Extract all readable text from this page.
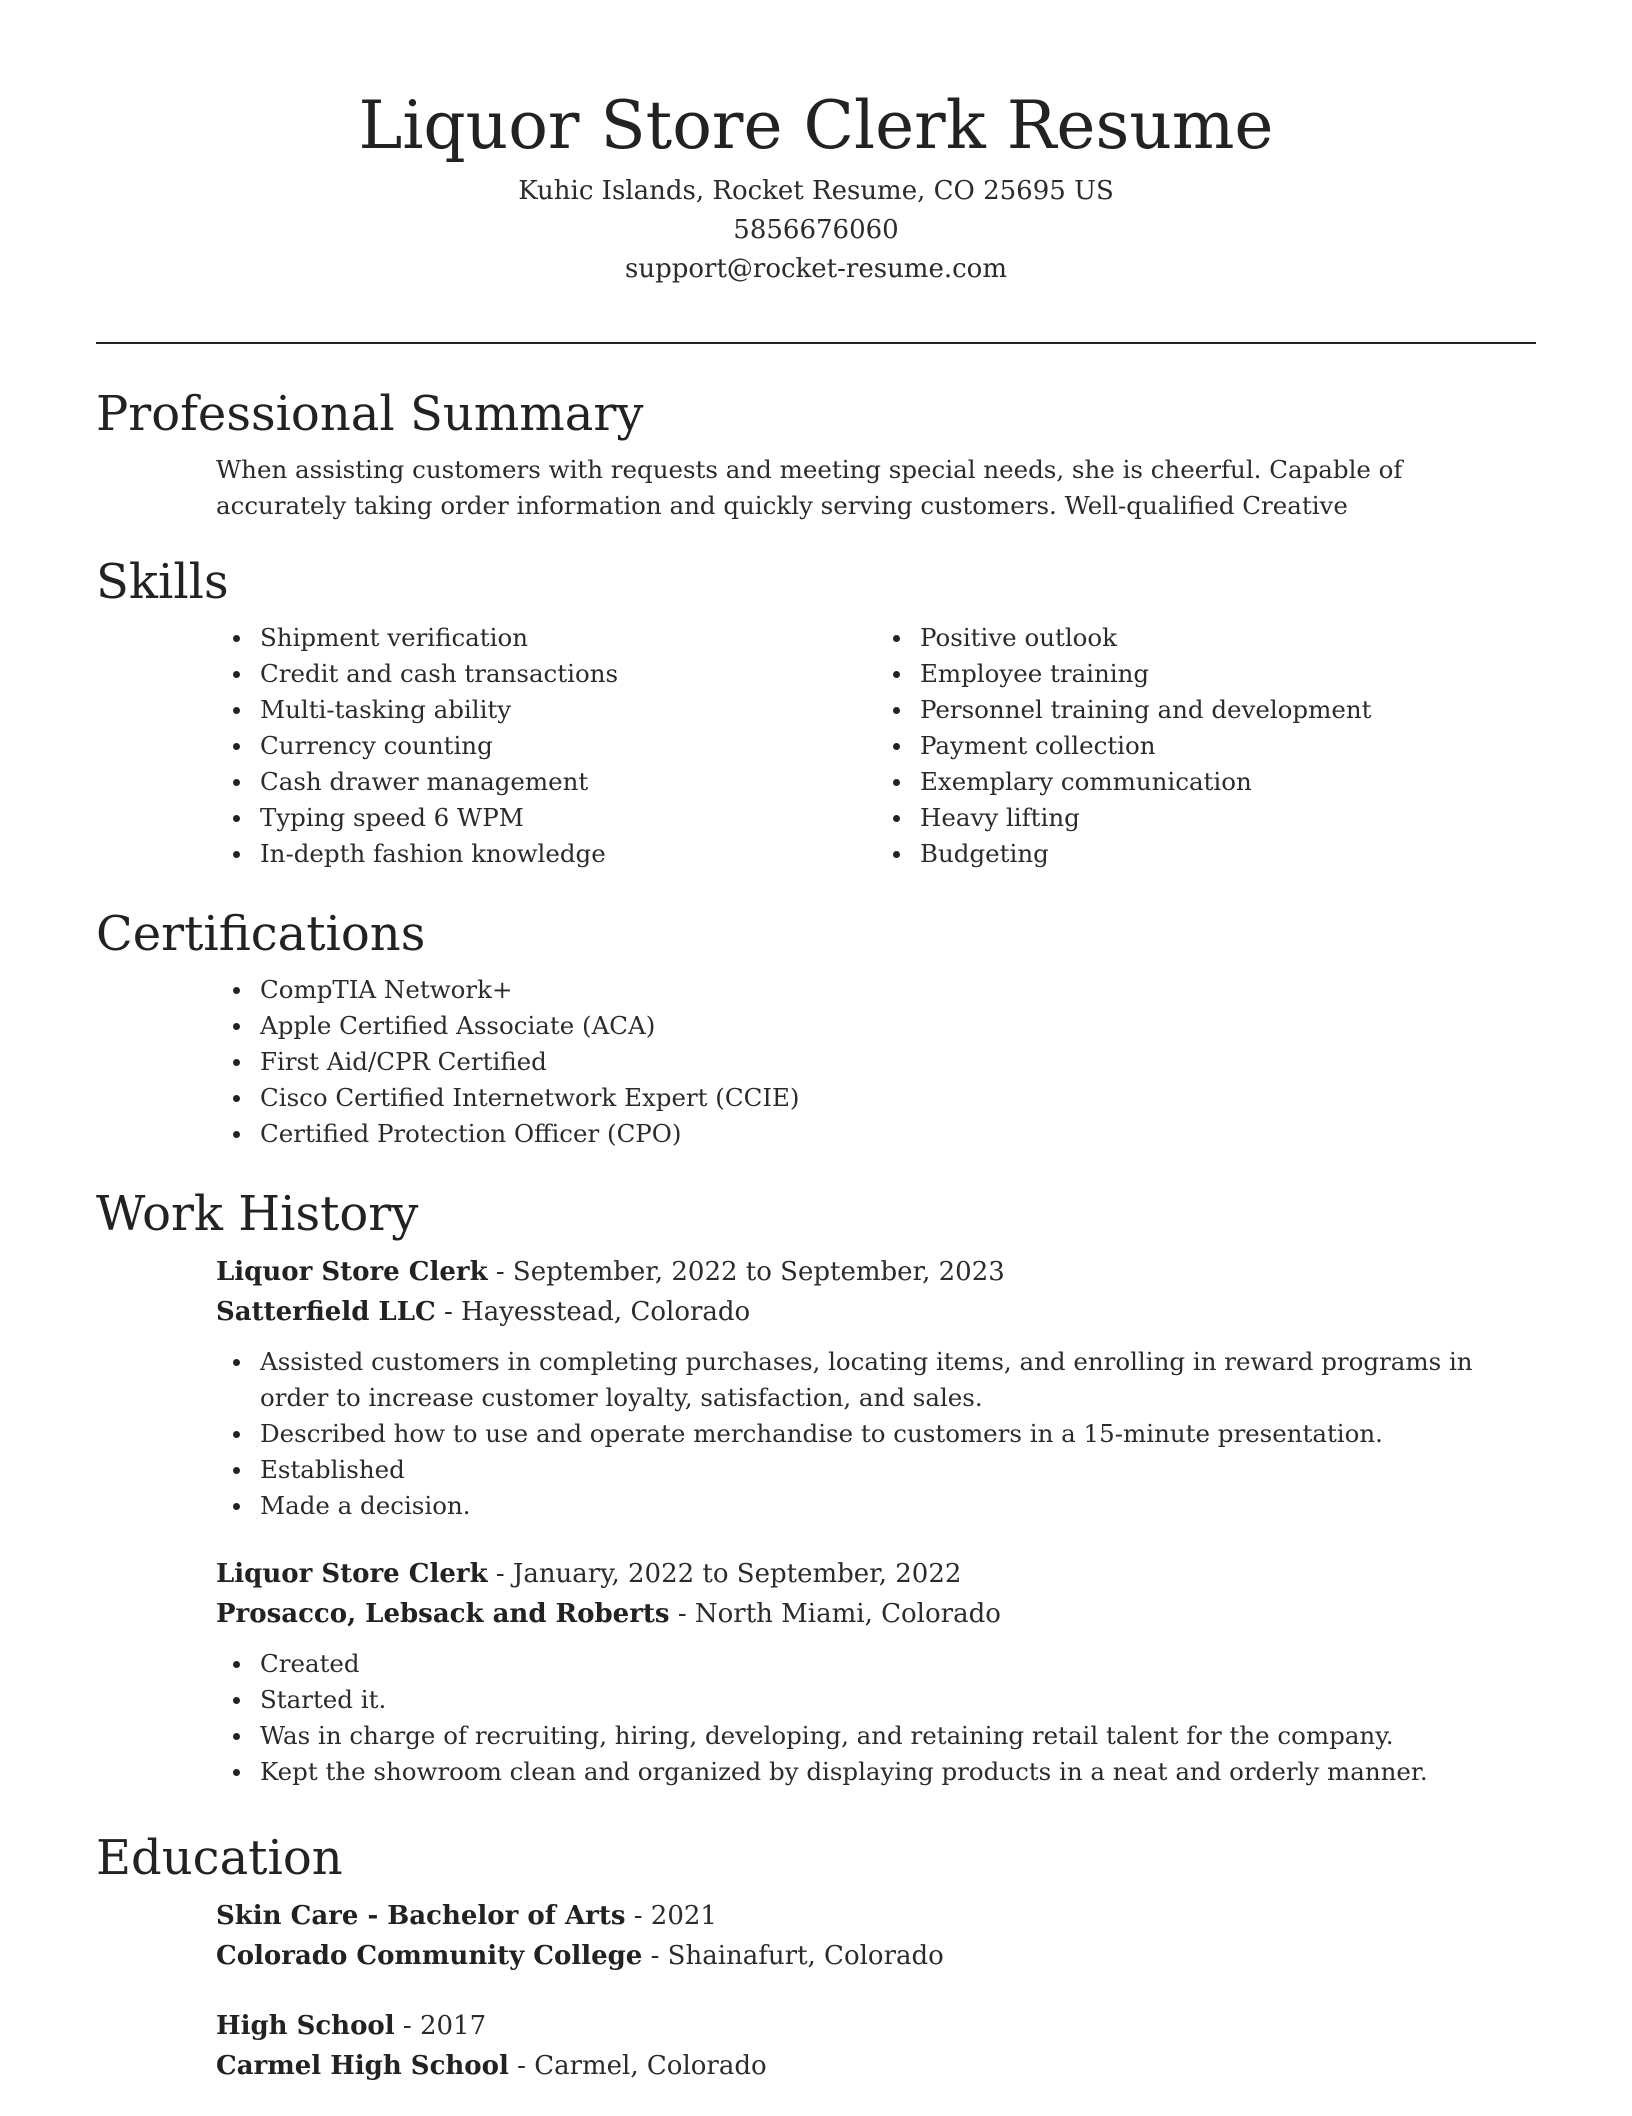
Liquor Store Clerk Resume
Kuhic Islands, Rocket Resume, CO 25695 US
5856676060
support@rocket-resume.com
Professional Summary

When assisting customers with requests and meeting special needs, she is cheerful. Capable of accurately taking order information and quickly serving customers. Well-qualified Creative

Skills
Shipment verification
Credit and cash transactions
Multi-tasking ability
Currency counting
Cash drawer management
Typing speed 6 WPM
In-depth fashion knowledge
Positive outlook
Employee training
Personnel training and development
Payment collection
Exemplary communication
Heavy lifting
Budgeting
Certifications
CompTIA Network+
Apple Certified Associate (ACA)
First Aid/CPR Certified
Cisco Certified Internetwork Expert (CCIE)
Certified Protection Officer (CPO)
Work History
Liquor Store Clerk - September, 2022 to September, 2023
Satterfield LLC - Hayesstead, Colorado
Assisted customers in completing purchases, locating items, and enrolling in reward programs in order to increase customer loyalty, satisfaction, and sales.
Described how to use and operate merchandise to customers in a 15-minute presentation.
Established
Made a decision.
Liquor Store Clerk - January, 2022 to September, 2022
Prosacco, Lebsack and Roberts - North Miami, Colorado
Created
Started it.
Was in charge of recruiting, hiring, developing, and retaining retail talent for the company.
Kept the showroom clean and organized by displaying products in a neat and orderly manner.
Education
Skin Care - Bachelor of Arts - 2021
Colorado Community College - Shainafurt, Colorado
High School - 2017
Carmel High School - Carmel, Colorado
